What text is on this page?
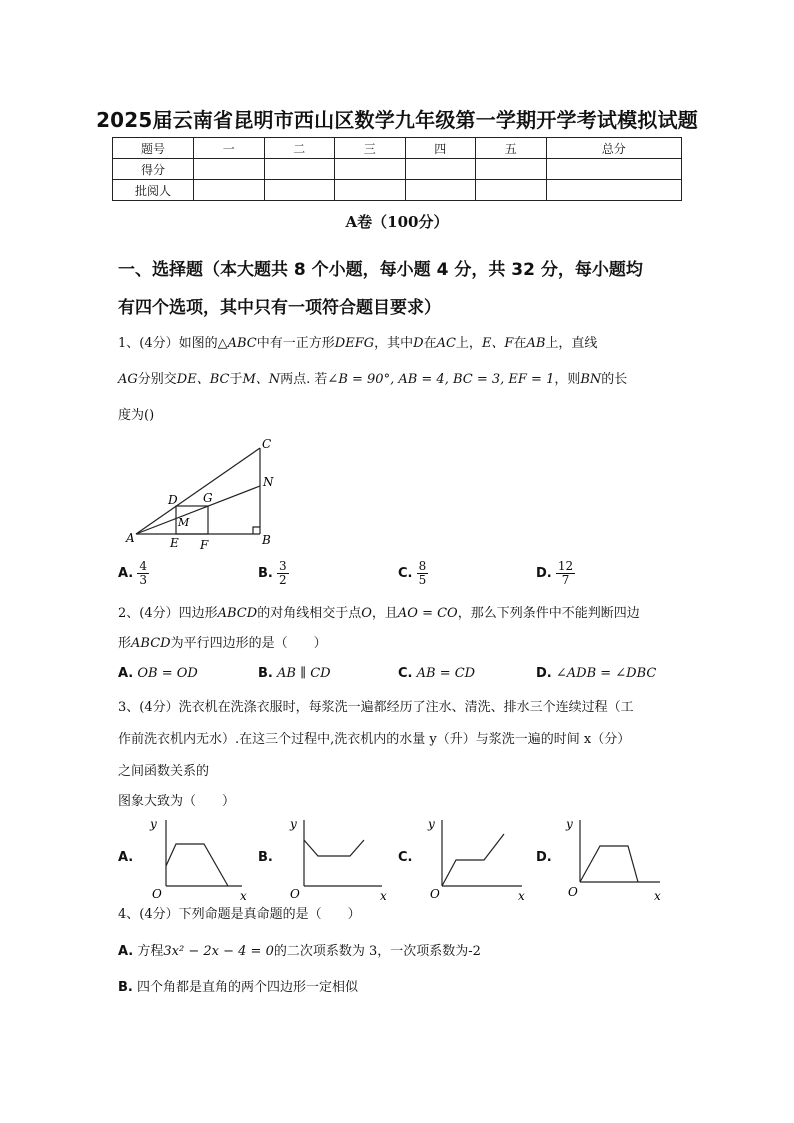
2025届云南省昆明市西山区数学九年级第一学期开学考试模拟试题
题号	一	二	三	四	五	总分
得分						
批阅人						
A卷（100分）
一、选择题（本大题共 8 个小题，每小题 4 分，共 32 分，每小题均
有四个选项，其中只有一项符合题目要求）
1、(4分）如图的△ABC中有一正方形DEFG，其中D在AC上，E、F在AB上，直线
AG分别交DE、BC于M、N两点. 若∠B = 90°, AB = 4, BC = 3, EF = 1，则BN的长
度为()
A	B
C
D
E F
G
M
N
A. $\frac{4}{3}$	B. $\frac{3}{2}$	C. $\frac{8}{5}$	D. $\frac{12}{7}$
2、(4分）四边形ABCD的对角线相交于点O，且AO = CO，那么下列条件中不能判断四边
形ABCD为平行四边形的是（　　）
A. OB = OD	B. AB ∥ CD	C. AB = CD	D. ∠ADB = ∠DBC
3、(4分）洗衣机在洗涤衣服时，每浆洗一遍都经历了注水、清洗、排水三个连续过程（工
作前洗衣机内无水）.在这三个过程中,洗衣机内的水量 y（升）与浆洗一遍的时间 x（分）
之间函数关系的
图象大致为（　　）
A.
y
O	x
B.
y
O	x
C.
y
O	x
D.
y
O	x
4、(4分）下列命题是真命题的是（　　）
A. 方程3x² − 2x − 4 = 0的二次项系数为 3，一次项系数为-2
B. 四个角都是直角的两个四边形一定相似
